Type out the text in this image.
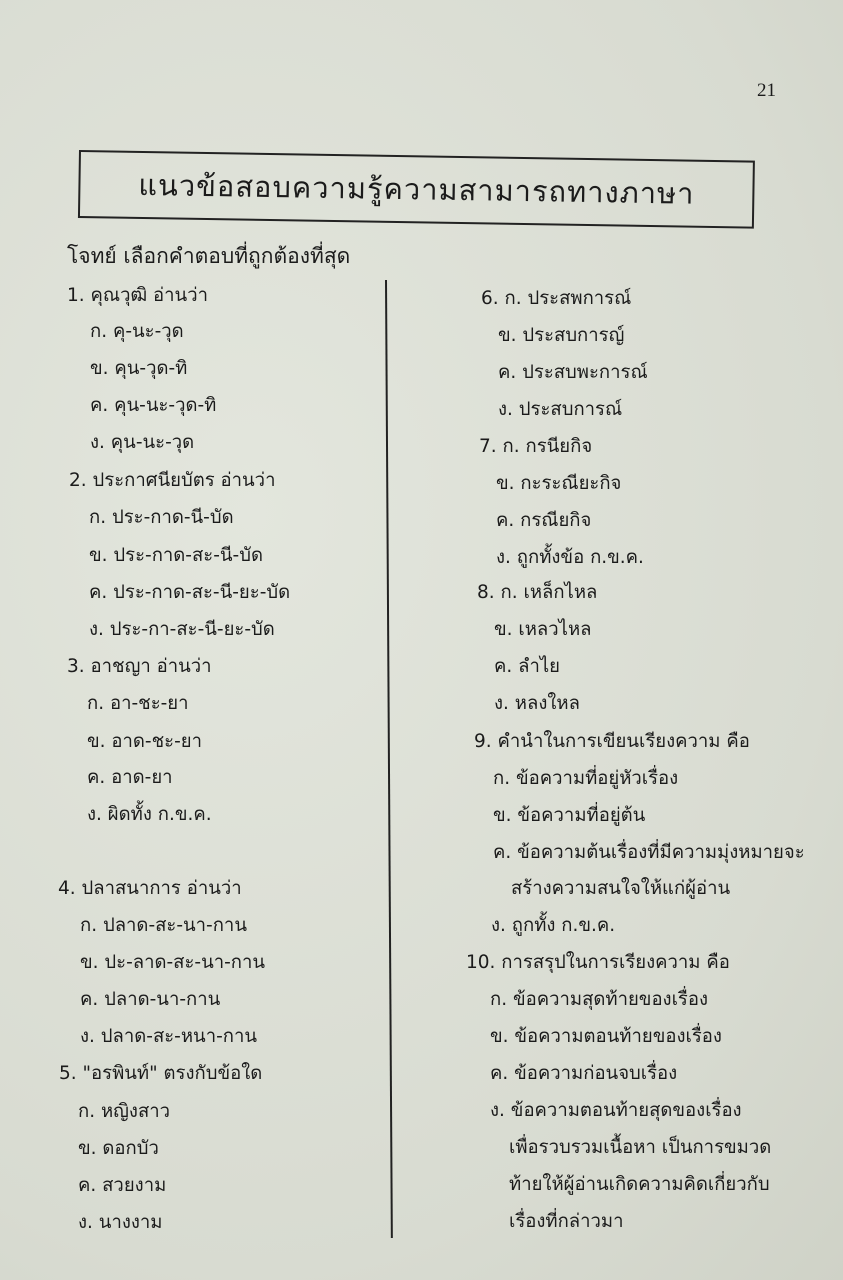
21
แนวข้อสอบความรู้ความสามารถทางภาษา
โจทย์ เลือกคำตอบที่ถูกต้องที่สุด
1. คุณวุฒิ อ่านว่า
ก. คุ-นะ-วุด
ข. คุน-วุด-ทิ
ค. คุน-นะ-วุด-ทิ
ง. คุน-นะ-วุด
2. ประกาศนียบัตร อ่านว่า
ก. ประ-กาด-นี-บัด
ข. ประ-กาด-สะ-นี-บัด
ค. ประ-กาด-สะ-นี-ยะ-บัด
ง. ประ-กา-สะ-นี-ยะ-บัด
3. อาชญา อ่านว่า
ก. อา-ชะ-ยา
ข. อาด-ชะ-ยา
ค. อาด-ยา
ง. ผิดทั้ง ก.ข.ค.
4. ปลาสนาการ อ่านว่า
ก. ปลาด-สะ-นา-กาน
ข. ปะ-ลาด-สะ-นา-กาน
ค. ปลาด-นา-กาน
ง. ปลาด-สะ-หนา-กาน
5. "อรพินท์" ตรงกับข้อใด
ก. หญิงสาว
ข. ดอกบัว
ค. สวยงาม
ง. นางงาม
6. ก. ประสพการณ์
ข. ประสบการญ์
ค. ประสบพะการณ์
ง. ประสบการณ์
7. ก. กรนียกิจ
ข. กะระณียะกิจ
ค. กรณียกิจ
ง. ถูกทั้งข้อ ก.ข.ค.
8. ก. เหล็กไหล
ข. เหลวไหล
ค. ลำไย
ง. หลงใหล
9. คำนำในการเขียนเรียงความ คือ
ก. ข้อความที่อยู่หัวเรื่อง
ข. ข้อความที่อยู่ต้น
ค. ข้อความต้นเรื่องที่มีความมุ่งหมายจะ
สร้างความสนใจให้แก่ผู้อ่าน
ง. ถูกทั้ง ก.ข.ค.
10. การสรุปในการเรียงความ คือ
ก. ข้อความสุดท้ายของเรื่อง
ข. ข้อความตอนท้ายของเรื่อง
ค. ข้อความก่อนจบเรื่อง
ง. ข้อความตอนท้ายสุดของเรื่อง
เพื่อรวบรวมเนื้อหา เป็นการขมวด
ท้ายให้ผู้อ่านเกิดความคิดเกี่ยวกับ
เรื่องที่กล่าวมา
